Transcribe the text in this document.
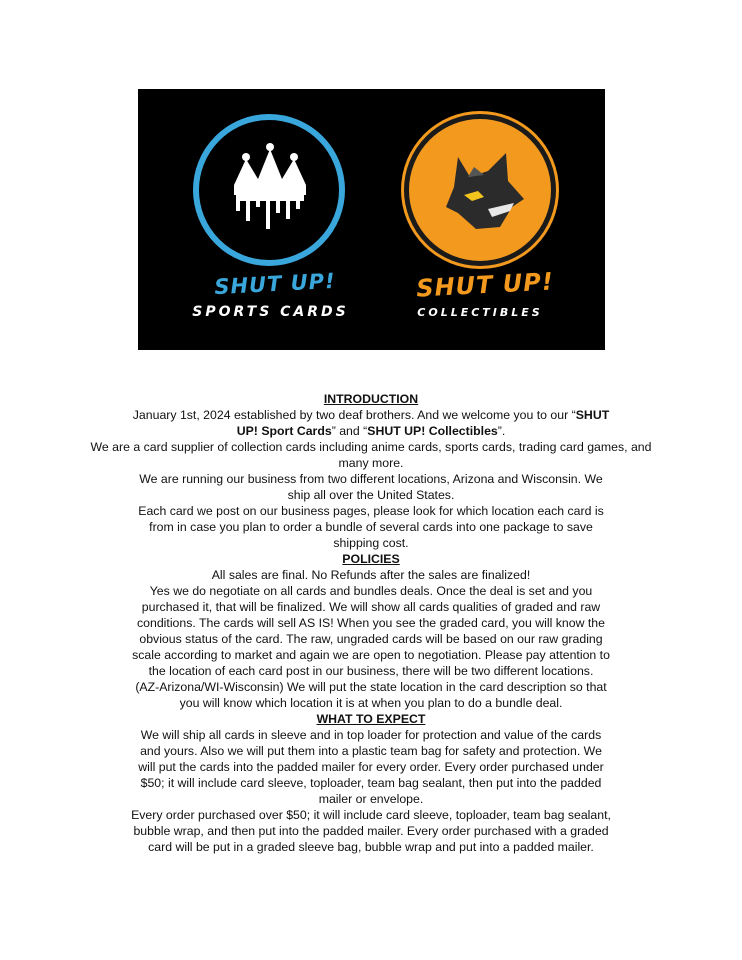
SHUT UP!
SPORTS CARDS
SHUT UP!
COLLECTIBLES
INTRODUCTION
January 1st, 2024 established by two deaf brothers. And we welcome you to our “SHUT
UP! Sport Cards” and “SHUT UP! Collectibles”.
We are a card supplier of collection cards including anime cards, sports cards, trading card games, and
many more.
We are running our business from two different locations, Arizona and Wisconsin. We
ship all over the United States.
Each card we post on our business pages, please look for which location each card is
from in case you plan to order a bundle of several cards into one package to save
shipping cost.
POLICIES
All sales are final. No Refunds after the sales are finalized!
Yes we do negotiate on all cards and bundles deals. Once the deal is set and you
purchased it, that will be finalized. We will show all cards qualities of graded and raw
conditions. The cards will sell AS IS! When you see the graded card, you will know the
obvious status of the card. The raw, ungraded cards will be based on our raw grading
scale according to market and again we are open to negotiation. Please pay attention to
the location of each card post in our business, there will be two different locations.
(AZ-Arizona/WI-Wisconsin) We will put the state location in the card description so that
you will know which location it is at when you plan to do a bundle deal.
WHAT TO EXPECT
We will ship all cards in sleeve and in top loader for protection and value of the cards
and yours. Also we will put them into a plastic team bag for safety and protection. We
will put the cards into the padded mailer for every order. Every order purchased under
$50; it will include card sleeve, toploader, team bag sealant, then put into the padded
mailer or envelope.
Every order purchased over $50; it will include card sleeve, toploader, team bag sealant,
bubble wrap, and then put into the padded mailer. Every order purchased with a graded
card will be put in a graded sleeve bag, bubble wrap and put into a padded mailer.
